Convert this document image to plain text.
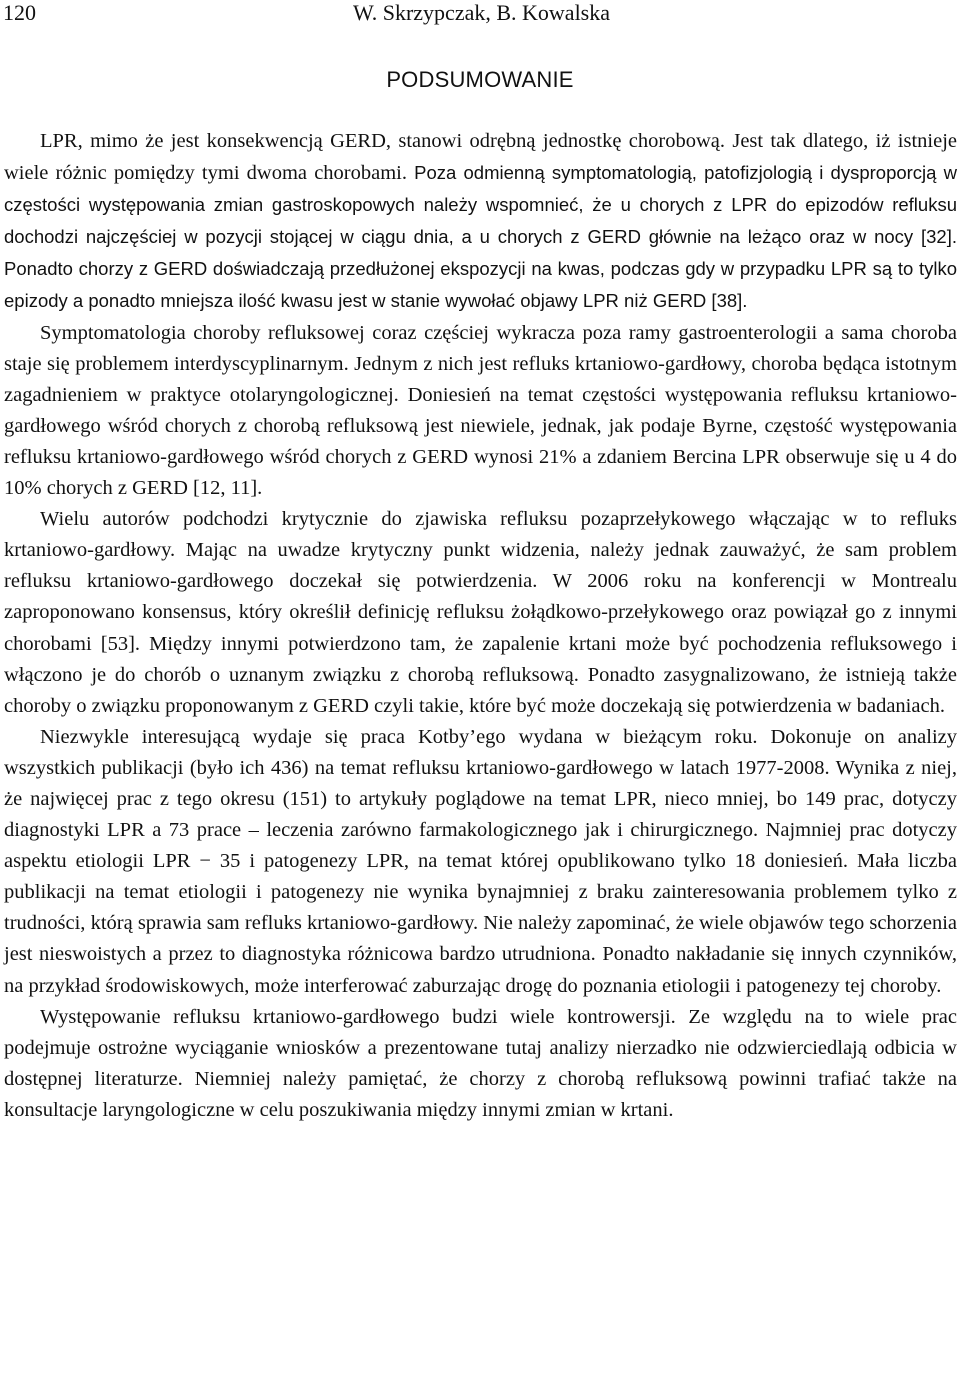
120	W. Skrzypczak, B. Kowalska
PODSUMOWANIE

LPR, mimo że jest konsekwencją GERD, stanowi odrębną jednostkę chorobową. Jest tak dlatego, iż istnieje wiele różnic pomiędzy tymi dwoma chorobami. Poza odmienną symptomatologią, patofizjologią i dysproporcją w częstości występowania zmian gastroskopowych należy wspomnieć, że u chorych z LPR do epizodów refluksu dochodzi najczęściej w pozycji stojącej w ciągu dnia, a u chorych z GERD głównie na leżąco oraz w nocy [32]. Ponadto chorzy z GERD doświadczają przedłużonej ekspozycji na kwas, podczas gdy w przypadku LPR są to tylko epizody a ponadto mniejsza ilość kwasu jest w stanie wywołać objawy LPR niż GERD [38].

Symptomatologia choroby refluksowej coraz częściej wykracza poza ramy gastroenterologii a sama choroba staje się problemem interdyscyplinarnym. Jednym z nich jest refluks krtaniowo-gardłowy, choroba będąca istotnym zagadnieniem w praktyce otolaryngologicznej. Doniesień na temat częstości występowania refluksu krtaniowo-gardłowego wśród chorych z chorobą refluksową jest niewiele, jednak, jak podaje Byrne, częstość występowania refluksu krtaniowo-gardłowego wśród chorych z GERD wynosi 21% a zdaniem Bercina LPR obserwuje się u 4 do 10% chorych z GERD [12, 11].

Wielu autorów podchodzi krytycznie do zjawiska refluksu pozaprzełykowego włączając w to refluks krtaniowo-gardłowy. Mając na uwadze krytyczny punkt widzenia, należy jednak zauważyć, że sam problem refluksu krtaniowo-gardłowego doczekał się potwierdzenia. W 2006 roku na konferencji w Montrealu zaproponowano konsensus, który określił definicję refluksu żołądkowo-przełykowego oraz powiązał go z innymi chorobami [53]. Między innymi potwierdzono tam, że zapalenie krtani może być pochodzenia refluksowego i włączono je do chorób o uznanym związku z chorobą refluksową. Ponadto zasygnalizowano, że istnieją także choroby o związku proponowanym z GERD czyli takie, które być może doczekają się potwierdzenia w badaniach.

Niezwykle interesującą wydaje się praca Kotby’ego wydana w bieżącym roku. Dokonuje on analizy wszystkich publikacji (było ich 436) na temat refluksu krtaniowo-gardłowego w latach 1977-2008. Wynika z niej, że najwięcej prac z tego okresu (151) to artykuły poglądowe na temat LPR, nieco mniej, bo 149 prac, dotyczy diagnostyki LPR a 73 prace – leczenia zarówno farmakologicznego jak i chirurgicznego. Najmniej prac dotyczy aspektu etiologii LPR − 35 i patogenezy LPR, na temat której opublikowano tylko 18 doniesień. Mała liczba publikacji na temat etiologii i patogenezy nie wynika bynajmniej z braku zainteresowania problemem tylko z trudności, którą sprawia sam refluks krtaniowo-gardłowy. Nie należy zapominać, że wiele objawów tego schorzenia jest nieswoistych a przez to diagnostyka różnicowa bardzo utrudniona. Ponadto nakładanie się innych czynników, na przykład środowiskowych, może interferować zaburzając drogę do poznania etiologii i patogenezy tej choroby.

Występowanie refluksu krtaniowo-gardłowego budzi wiele kontrowersji. Ze względu na to wiele prac podejmuje ostrożne wyciąganie wniosków a prezentowane tutaj analizy nierzadko nie odzwierciedlają odbicia w dostępnej literaturze. Niemniej należy pamiętać, że chorzy z chorobą refluksową powinni trafiać także na konsultacje laryngologiczne w celu poszukiwania między innymi zmian w krtani.
